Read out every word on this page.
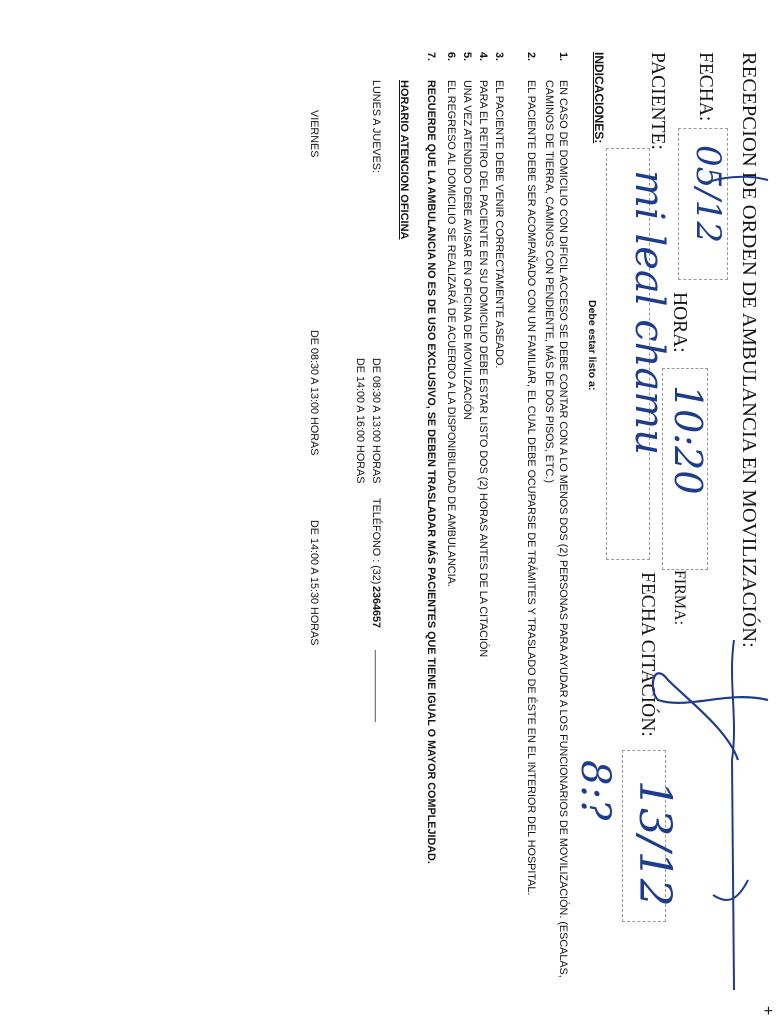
+
RECEPCION DE ORDEN DE AMBULANCIA EN MOVILIZACIÓN:
FECHA:
05/12
HORA:
10:20
FIRMA:
PACIENTE:
mi leal chamu
FECHA CITACIÓN:
13/12
8:?
INDICACIONES:
Debe estar listo a:
1.
EN CASO DE DOMICILIO CON DIFICIL ACCESO SE DEBE CONTAR CON A LO MENOS DOS (2) PERSONAS PARA AYUDAR A LOS FUNCIONARIOS DE MOVILIZACIÓN. (ESCALAS, CAMINOS DE TIERRA, CAMINOS CON PENDIENTE, MÁS DE DOS PISOS, ETC.)
2.
EL PACIENTE DEBE SER ACOMPAÑADO CON UN FAMILIAR, EL CUAL DEBE OCUPARSE DE TRÁMITES Y TRASLADO DE ÉSTE EN EL INTERIOR DEL HOSPITAL.
3.
EL PACIENTE DEBE VENIR CORRECTAMENTE ASEADO.
4.
PARA EL RETIRO DEL PACIENTE EN SU DOMICILIO DEBE ESTAR LISTO DOS (2) HORAS ANTES DE LA CITACIÓN
5.
UNA VEZ ATENDIDO DEBE AVISAR EN OFICINA DE MOVILIZACIÓN
6.
EL REGRESO AL DOMICILIO SE REALIZARÁ DE ACUERDO A LA DISPONIBILIDAD DE AMBULANCIA.
7.
RECUERDE QUE LA AMBULANCIA NO ES DE USO EXCLUSIVO, SE DEBEN TRASLADAR MÁS PACIENTES QUE TIENE IGUAL O MAYOR COMPLEJIDAD.
HORARIO ATENCION OFICINA
LUNES A JUEVES:
DE 08:30 A 13:00 HORAS
DE 14:00 A 16:00 HORAS
TELÉFONO : (32)
2364657
____________
VIERNES
DE 08:30 A 13:00 HORAS
DE 14:00 A 15:30 HORAS
